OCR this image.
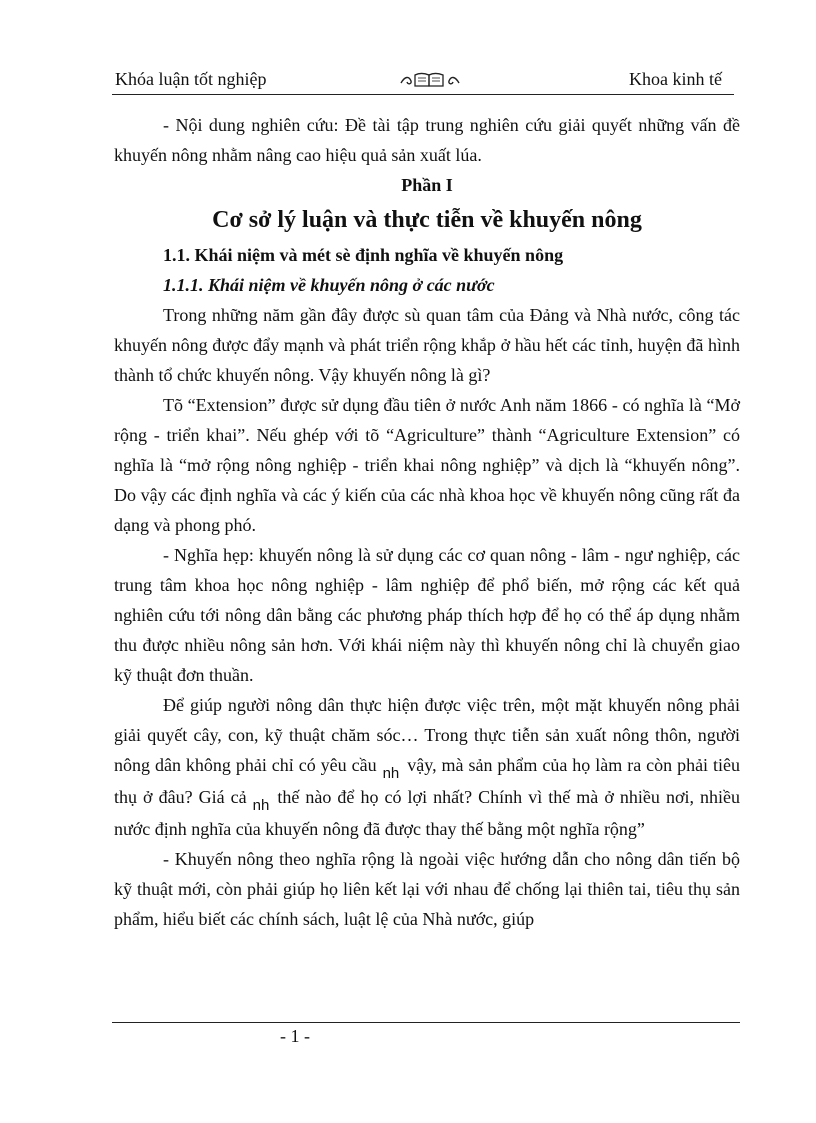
Khóa luận tốt nghiệp	Khoa kinh tế

- Nội dung nghiên cứu: Đề tài tập trung nghiên cứu giải quyết những vấn đề khuyến nông nhằm nâng cao hiệu quả sản xuất lúa.

Phần I

Cơ sở lý luận và thực tiễn về khuyến nông

1.1. Khái niệm và mét sè định nghĩa về khuyến nông

1.1.1. Khái niệm về khuyến nông ở các nước

Trong những năm gần đây được sù quan tâm của Đảng và Nhà nước, công tác khuyến nông được đẩy mạnh và phát triển rộng khắp ở hầu hết các tỉnh, huyện đã hình thành tổ chức khuyến nông. Vậy khuyến nông là gì?

Tõ “Extension” được sử dụng đầu tiên ở nước Anh năm 1866 - có nghĩa là “Mở rộng - triển khai”. Nếu ghép với tõ “Agriculture” thành “Agriculture Extension” có nghĩa là “mở rộng nông nghiệp - triển khai nông nghiệp” và dịch là “khuyến nông”. Do vậy các định nghĩa và các ý kiến của các nhà khoa học về khuyến nông cũng rất đa dạng và phong phó.

- Nghĩa hẹp: khuyến nông là sử dụng các cơ quan nông - lâm - ngư nghiệp, các trung tâm khoa học nông nghiệp - lâm nghiệp để phổ biến, mở rộng các kết quả nghiên cứu tới nông dân bằng các phương pháp thích hợp để họ có thể áp dụng nhằm thu được nhiều nông sản hơn. Với khái niệm này thì khuyến nông chỉ là chuyển giao kỹ thuật đơn thuần.

Để giúp người nông dân thực hiện được việc trên, một mặt khuyến nông phải giải quyết cây, con, kỹ thuật chăm sóc… Trong thực tiễn sản xuất nông thôn, người nông dân không phải chỉ có yêu cầu $_{nh}$ vậy, mà sản phẩm của họ làm ra còn phải tiêu thụ ở đâu? Giá cả $_{nh}$ thế nào để họ có lợi nhất? Chính vì thế mà ở nhiều nơi, nhiều nước định nghĩa của khuyến nông đã được thay thế bằng một nghĩa rộng”

- Khuyến nông theo nghĩa rộng là ngoài việc hướng dẫn cho nông dân tiến bộ kỹ thuật mới, còn phải giúp họ liên kết lại với nhau để chống lại thiên tai, tiêu thụ sản phẩm, hiểu biết các chính sách, luật lệ của Nhà nước, giúp

- 1 -
